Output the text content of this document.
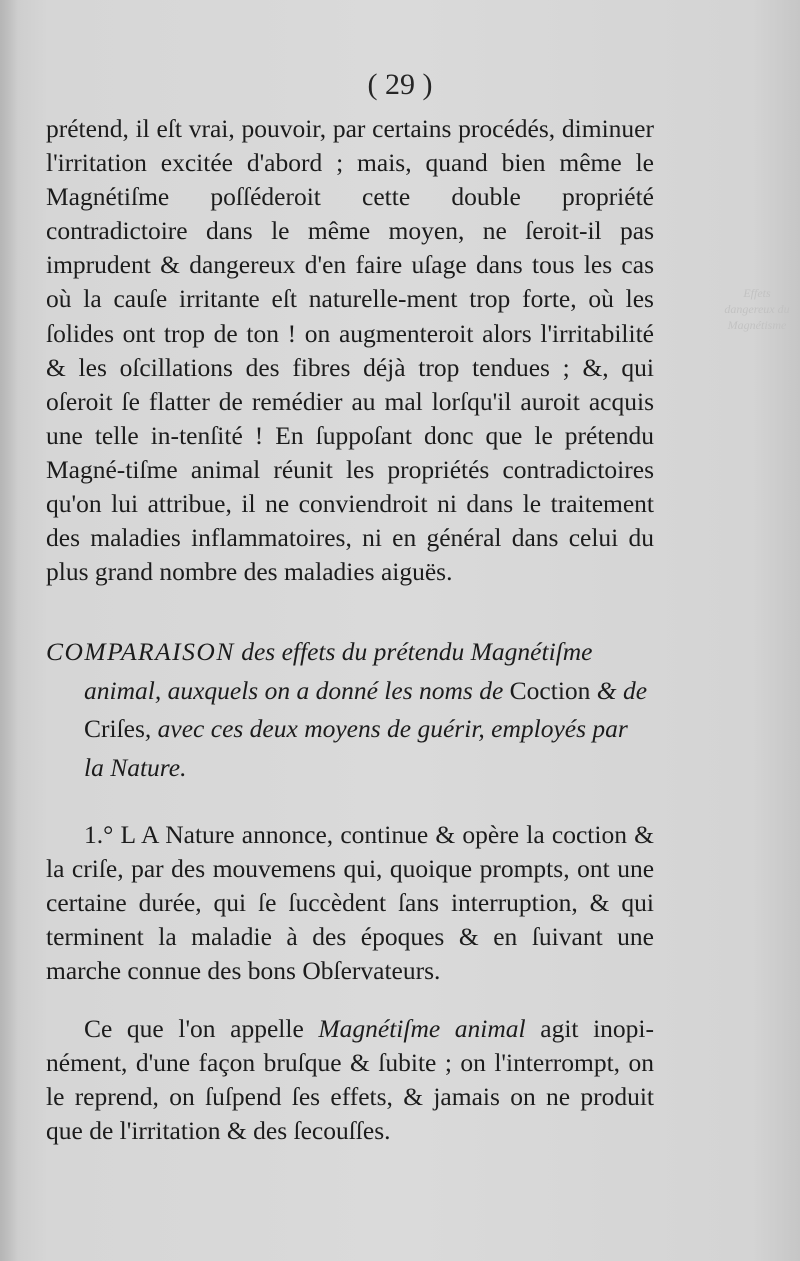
Effets dangereux du Magnétisme
( 29 )

prétend, il eſt vrai, pouvoir, par certains procédés, diminuer l'irritation excitée d'abord ; mais, quand bien même le Magnétiſme poſſéderoit cette double propriété contradictoire dans le même moyen, ne ſeroit-il pas imprudent & dangereux d'en faire uſage dans tous les cas où la cauſe irritante eſt naturelle-ment trop forte, où les ſolides ont trop de ton ! on augmenteroit alors l'irritabilité & les oſcillations des fibres déjà trop tendues ; &, qui oſeroit ſe flatter de remédier au mal lorſqu'il auroit acquis une telle in-tenſité ! En ſuppoſant donc que le prétendu Magné-tiſme animal réunit les propriétés contradictoires qu'on lui attribue, il ne conviendroit ni dans le traitement des maladies inflammatoires, ni en général dans celui du plus grand nombre des maladies aiguës.

COMPARAISON des effets du prétendu Magnétiſme animal, auxquels on a donné les noms de Coction & de Criſes, avec ces deux moyens de guérir, employés par la Nature.

1.° L A Nature annonce, continue & opère la coction & la criſe, par des mouvemens qui, quoique prompts, ont une certaine durée, qui ſe ſuccèdent ſans interruption, & qui terminent la maladie à des époques & en ſuivant une marche connue des bons Obſervateurs.

Ce que l'on appelle Magnétiſme animal agit inopi-nément, d'une façon bruſque & ſubite ; on l'interrompt, on le reprend, on ſuſpend ſes effets, & jamais on ne produit que de l'irritation & des ſecouſſes.
